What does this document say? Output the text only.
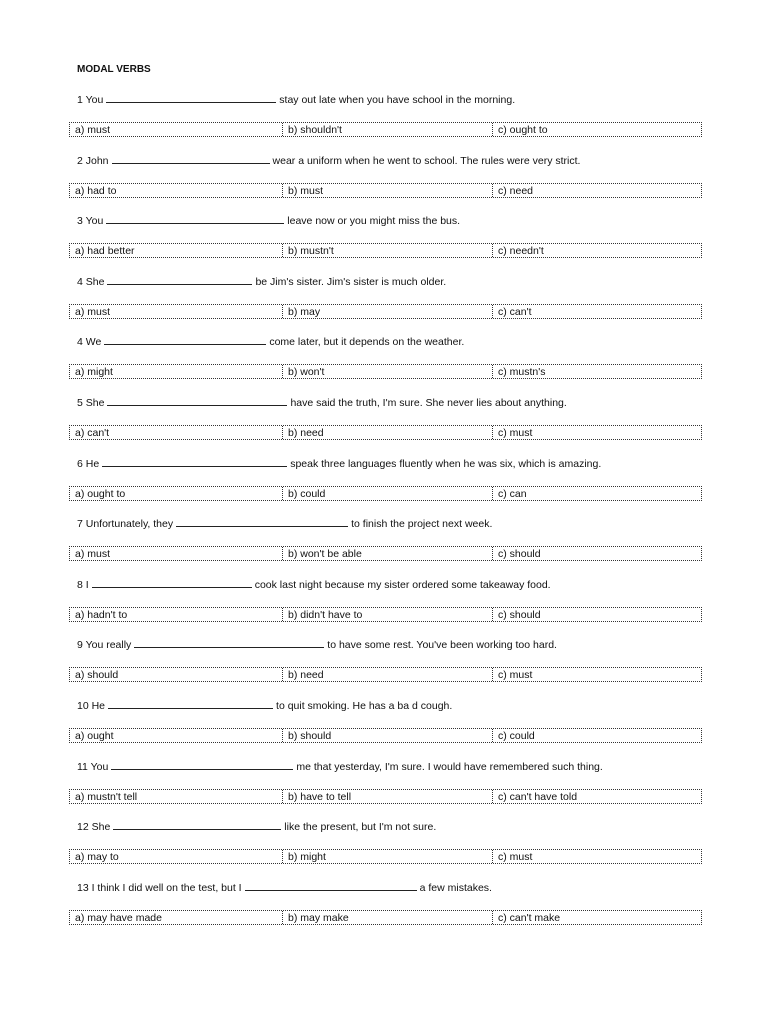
MODAL VERBS
1 You	stay out late when you have school in the morning.
a) must	b) shouldn't	c) ought to
2 John	wear a uniform when he went to school. The rules were very strict.
a) had to	b) must	c) need
3 You	leave now or you might miss the bus.
a) had better	b) mustn't	c) needn't
4 She	be Jim's sister. Jim's sister is much older.
a) must	b) may	c) can't
4 We	come later, but it depends on the weather.
a) might	b) won't	c) mustn's
5 She	have said the truth, I'm sure. She never lies about anything.
a) can't	b) need	c) must
6 He	speak three languages fluently when he was six, which is amazing.
a) ought to	b) could	c) can
7 Unfortunately, they	to finish the project next week.
a) must	b) won't be able	c) should
8 I	cook last night because my sister ordered some takeaway food.
a) hadn't to	b) didn't have to	c) should
9 You really	to have some rest. You've been working too hard.
a) should	b) need	c) must
10 He	to quit smoking. He has a ba d cough.
a) ought	b) should	c) could
11 You	me that yesterday, I'm sure. I would have remembered such thing.
a) mustn't tell	b) have to tell	c) can't have told
12 She	like the present, but I'm not sure.
a) may to	b) might	c) must
13 I think I did well on the test, but I	a few mistakes.
a) may have made	b) may make	c) can't make
